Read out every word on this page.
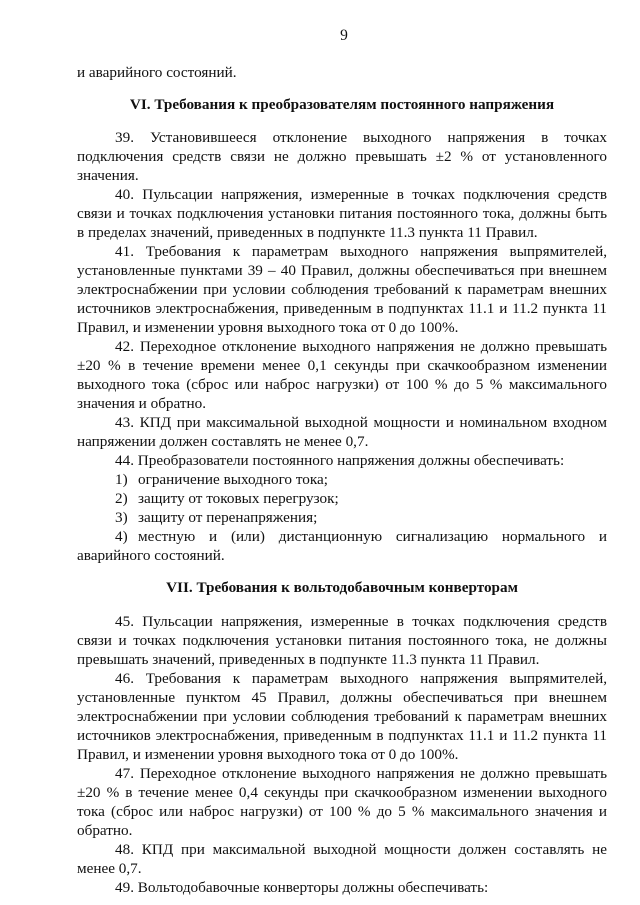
9

и аварийного состояний.

VI. Требования к преобразователям постоянного напряжения

39. Установившееся отклонение выходного напряжения в точках подключения средств связи не должно превышать ±2 % от установленного значения.

40. Пульсации напряжения, измеренные в точках подключения средств связи и точках подключения установки питания постоянного тока, должны быть в пределах значений, приведенных в подпункте 11.3 пункта 11 Правил.

41. Требования к параметрам выходного напряжения выпрямителей, установленные пунктами 39 – 40 Правил, должны обеспечиваться при внешнем электроснабжении при условии соблюдения требований к параметрам внешних источников электроснабжения, приведенным в подпунктах 11.1 и 11.2 пункта 11 Правил, и изменении уровня выходного тока от 0 до 100%.

42. Переходное отклонение выходного напряжения не должно превышать ±20 % в течение времени менее 0,1 секунды при скачкообразном изменении выходного тока (сброс или наброс нагрузки) от 100 % до 5 % максимального значения и обратно.

43. КПД при максимальной выходной мощности и номинальном входном напряжении должен составлять не менее 0,7.

44. Преобразователи постоянного напряжения должны обеспечивать:

1) ограничение выходного тока;

2) защиту от токовых перегрузок;

3) защиту от перенапряжения;

4) местную и (или) дистанционную сигнализацию нормального и аварийного состояний.

VII. Требования к вольтодобавочным конверторам

45. Пульсации напряжения, измеренные в точках подключения средств связи и точках подключения установки питания постоянного тока, не должны превышать значений, приведенных в подпункте 11.3 пункта 11 Правил.

46. Требования к параметрам выходного напряжения выпрямителей, установленные пунктом 45 Правил, должны обеспечиваться при внешнем электроснабжении при условии соблюдения требований к параметрам внешних источников электроснабжения, приведенным в подпунктах 11.1 и 11.2 пункта 11 Правил, и изменении уровня выходного тока от 0 до 100%.

47. Переходное отклонение выходного напряжения не должно превышать ±20 % в течение менее 0,4 секунды при скачкообразном изменении выходного тока (сброс или наброс нагрузки) от 100 % до 5 % максимального значения и обратно.

48. КПД при максимальной выходной мощности должен составлять не менее 0,7.

49. Вольтодобавочные конверторы должны обеспечивать:
